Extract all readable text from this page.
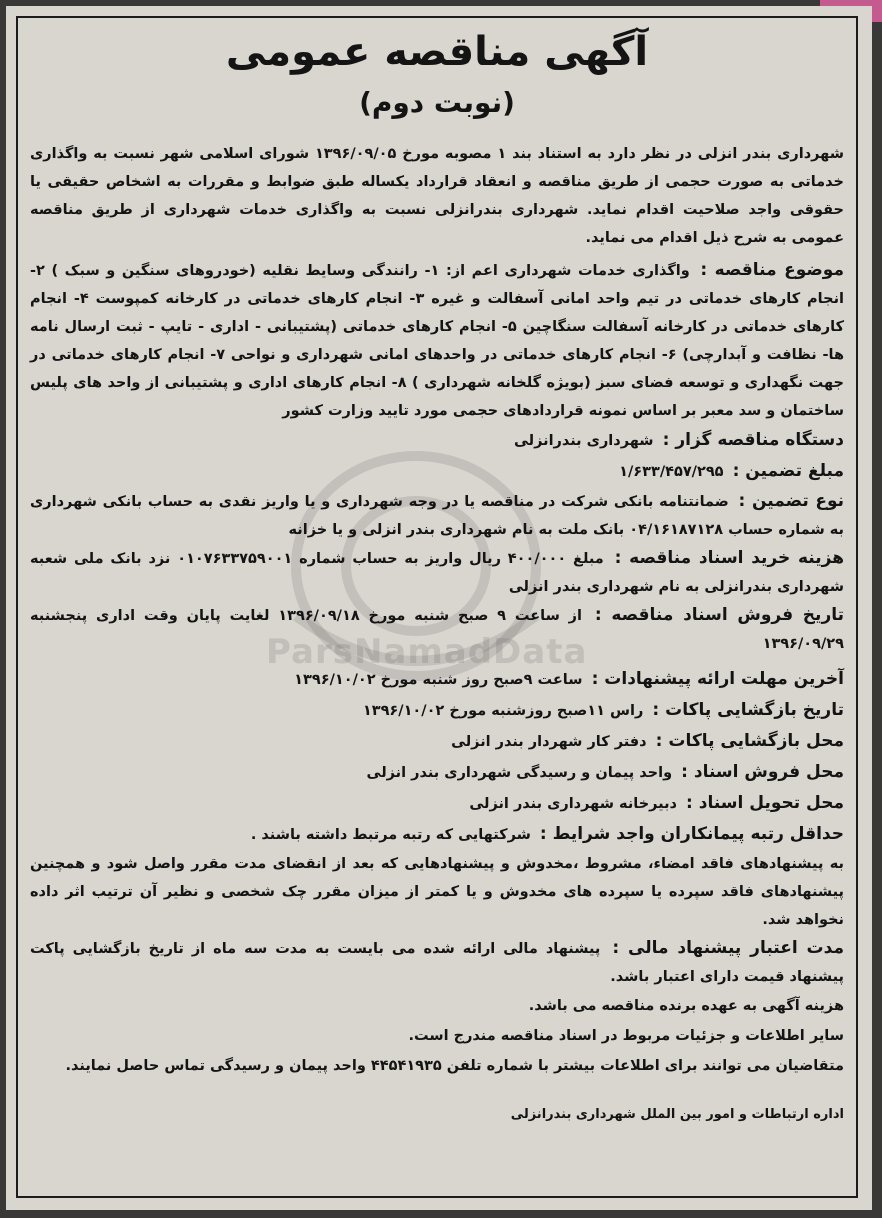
ParsNamadData
آگهی مناقصه عمومی
(نوبت دوم)

شهرداری بندر انزلی در نظر دارد به استناد بند ۱ مصوبه مورخ ۱۳۹۶/۰۹/۰۵ شورای اسلامی شهر نسبت به واگذاری خدماتی به صورت حجمی از طریق مناقصه و انعقاد قرارداد یکساله طبق ضوابط و مقررات به اشخاص حقیقی یا حقوقی واجد صلاحیت اقدام نماید. شهرداری بندرانزلی نسبت به واگذاری خدمات شهرداری از طریق مناقصه عمومی به شرح ذیل اقدام می نماید.

موضوع مناقصه : واگذاری خدمات شهرداری اعم از: ۱- رانندگی وسایط نقلیه (خودروهای سنگین و سبک ) ۲- انجام کارهای خدماتی در تیم واحد امانی آسفالت و غیره ۳- انجام کارهای خدماتی در کارخانه کمپوست ۴- انجام کارهای خدماتی در کارخانه آسفالت سنگاچین ۵- انجام کارهای خدماتی (پشتیبانی - اداری - تایپ - ثبت ارسال نامه ها- نظافت و آبدارچی) ۶- انجام کارهای خدماتی در واحدهای امانی شهرداری و نواحی ۷- انجام کارهای خدماتی در جهت نگهداری و توسعه فضای سبز (بویژه گلخانه شهرداری ) ۸- انجام کارهای اداری و پشتیبانی از واحد های پلیس ساختمان و سد معبر بر اساس نمونه قراردادهای حجمی مورد تایید وزارت کشور

دستگاه مناقصه گزار : شهرداری بندرانزلی

مبلغ تضمین : ۱/۶۳۳/۴۵۷/۲۹۵

نوع تضمین : ضمانتنامه بانکی شرکت در مناقصه یا در وجه شهرداری و یا واریز نقدی به حساب بانکی شهرداری به شماره حساب ۰۴/۱۶۱۸۷۱۲۸ بانک ملت به نام شهرداری بندر انزلی و یا خزانه

هزینه خرید اسناد مناقصه : مبلغ ۴۰۰/۰۰۰ ریال واریز به حساب شماره ۰۱۰۷۶۳۳۷۵۹۰۰۱ نزد بانک ملی شعبه شهرداری بندرانزلی به نام شهرداری بندر انزلی

تاریخ فروش اسناد مناقصه : از ساعت ۹ صبح شنبه مورخ ۱۳۹۶/۰۹/۱۸ لغایت پایان وقت اداری پنجشنبه ۱۳۹۶/۰۹/۲۹

آخرین مهلت ارائه پیشنهادات : ساعت ۹صبح روز شنبه مورخ ۱۳۹۶/۱۰/۰۲

تاریخ بازگشایی پاکات : راس ۱۱صبح روزشنبه مورخ ۱۳۹۶/۱۰/۰۲

محل بازگشایی پاکات : دفتر کار شهردار بندر انزلی

محل فروش اسناد : واحد پیمان و رسیدگی شهرداری بندر انزلی

محل تحویل اسناد : دبیرخانه شهرداری بندر انزلی

حداقل رتبه پیمانکاران واجد شرایط : شرکتهایی که رتبه مرتبط داشته باشند .

به پیشنهادهای فاقد امضاء، مشروط ،مخدوش و پیشنهادهایی که بعد از انقضای مدت مقرر واصل شود و همچنین پیشنهادهای فاقد سپرده یا سپرده های مخدوش و یا کمتر از میزان مقرر چک شخصی و نظیر آن ترتیب اثر داده نخواهد شد.

مدت اعتبار پیشنهاد مالی : پیشنهاد مالی ارائه شده می بایست به مدت سه ماه از تاریخ بازگشایی پاکت پیشنهاد قیمت دارای اعتبار باشد.

هزینه آگهی به عهده برنده مناقصه می باشد.

سایر اطلاعات و جزئیات مربوط در اسناد مناقصه مندرج است.

متقاضیان می توانند برای اطلاعات بیشتر با شماره تلفن ۴۴۵۴۱۹۳۵ واحد پیمان و رسیدگی تماس حاصل نمایند.

اداره ارتباطات و امور بین الملل شهرداری بندرانزلی
